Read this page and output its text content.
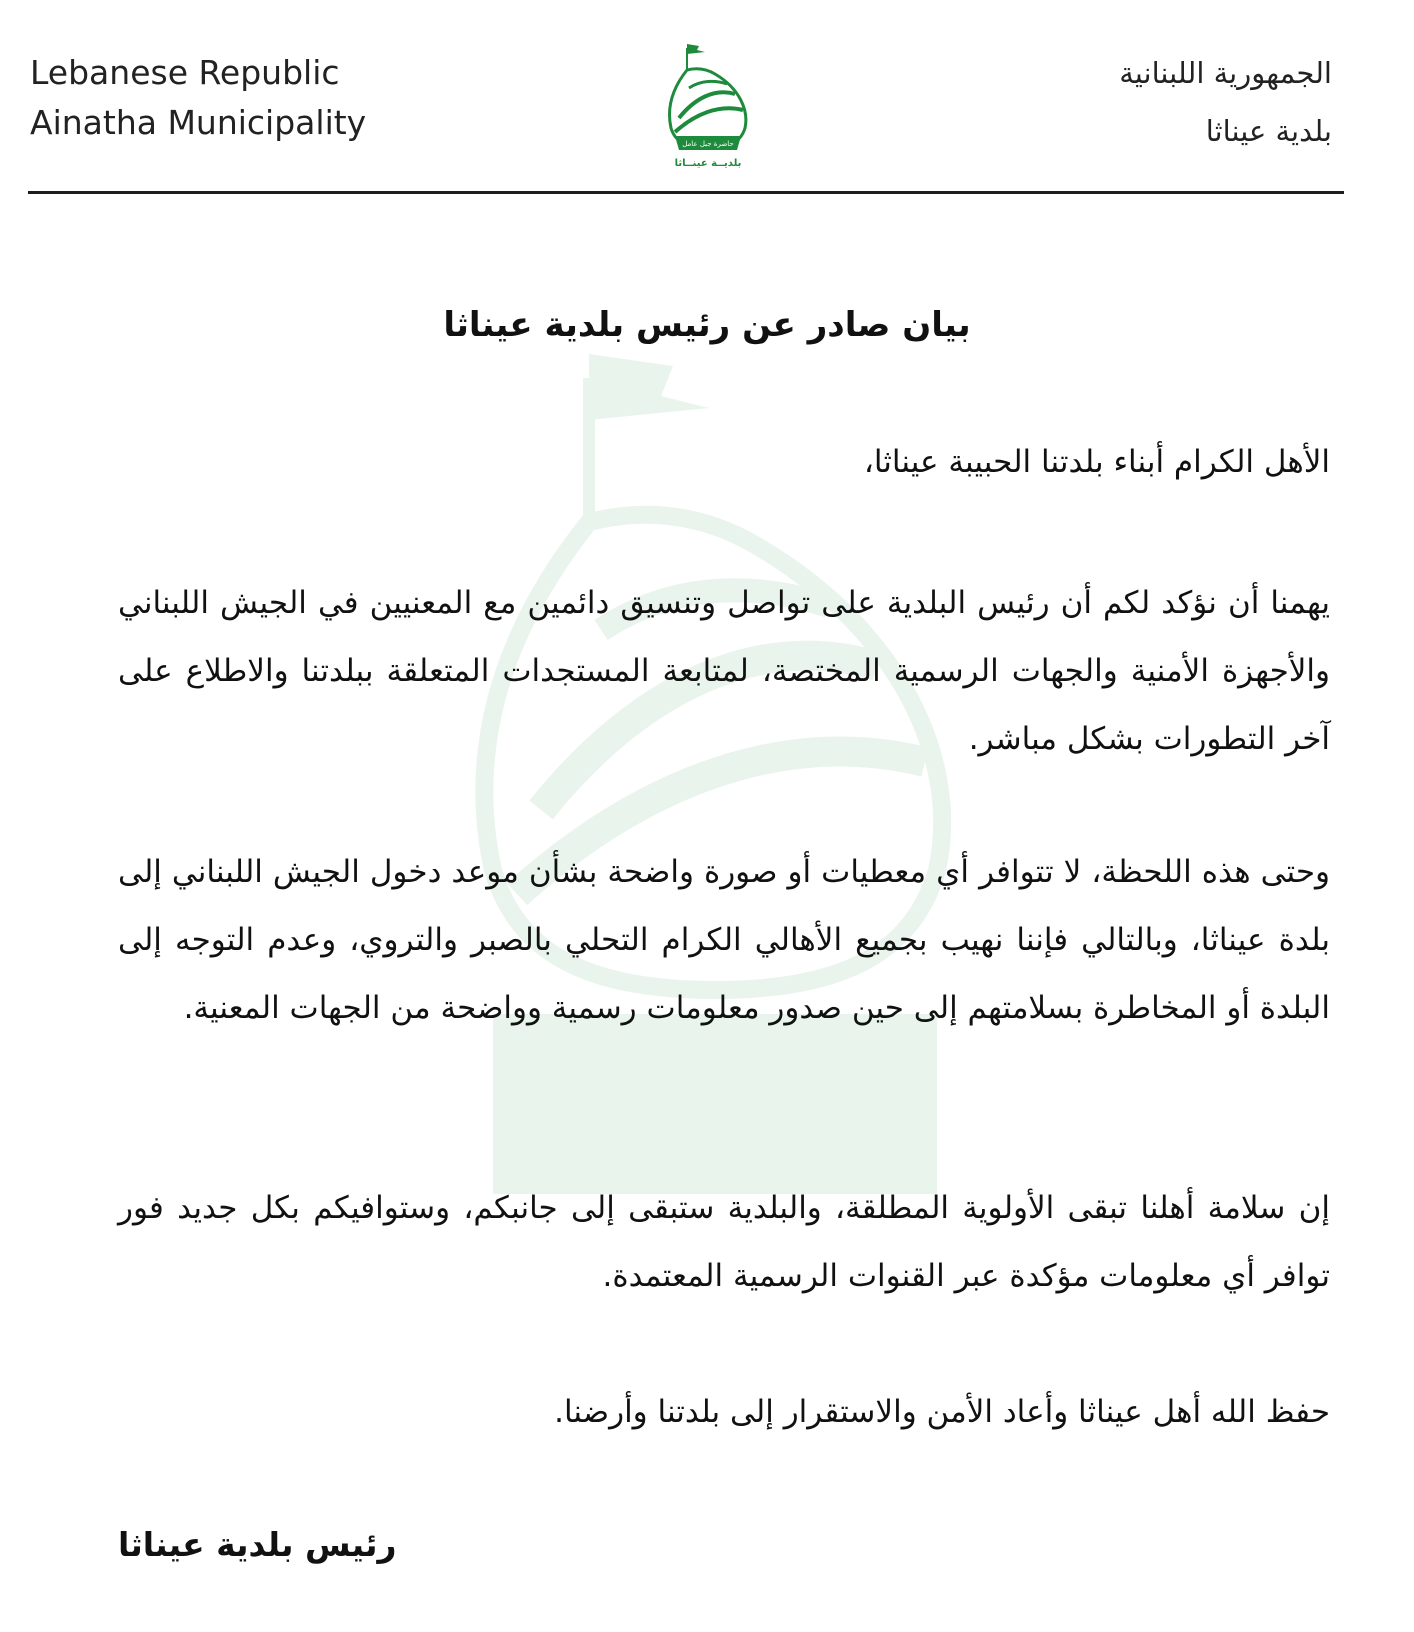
Lebanese Republic
Ainatha Municipality
الجمهورية اللبنانية
بلدية عيناثا
حاضرة جبل عامل
بلديــة عينــاثا
بيان صادر عن رئيس بلدية عيناثا
الأهل الكرام أبناء بلدتنا الحبيبة عيناثا،
يهمنا أن نؤكد لكم أن رئيس البلدية على تواصل وتنسيق دائمين مع المعنيين في الجيش اللبناني والأجهزة الأمنية والجهات الرسمية المختصة، لمتابعة المستجدات المتعلقة ببلدتنا والاطلاع على آخر التطورات بشكل مباشر.
وحتى هذه اللحظة، لا تتوافر أي معطيات أو صورة واضحة بشأن موعد دخول الجيش اللبناني إلى بلدة عيناثا، وبالتالي فإننا نهيب بجميع الأهالي الكرام التحلي بالصبر والتروي، وعدم التوجه إلى البلدة أو المخاطرة بسلامتهم إلى حين صدور معلومات رسمية وواضحة من الجهات المعنية.
إن سلامة أهلنا تبقى الأولوية المطلقة، والبلدية ستبقى إلى جانبكم، وستوافيكم بكل جديد فور توافر أي معلومات مؤكدة عبر القنوات الرسمية المعتمدة.
حفظ الله أهل عيناثا وأعاد الأمن والاستقرار إلى بلدتنا وأرضنا.
رئيس بلدية عيناثا
